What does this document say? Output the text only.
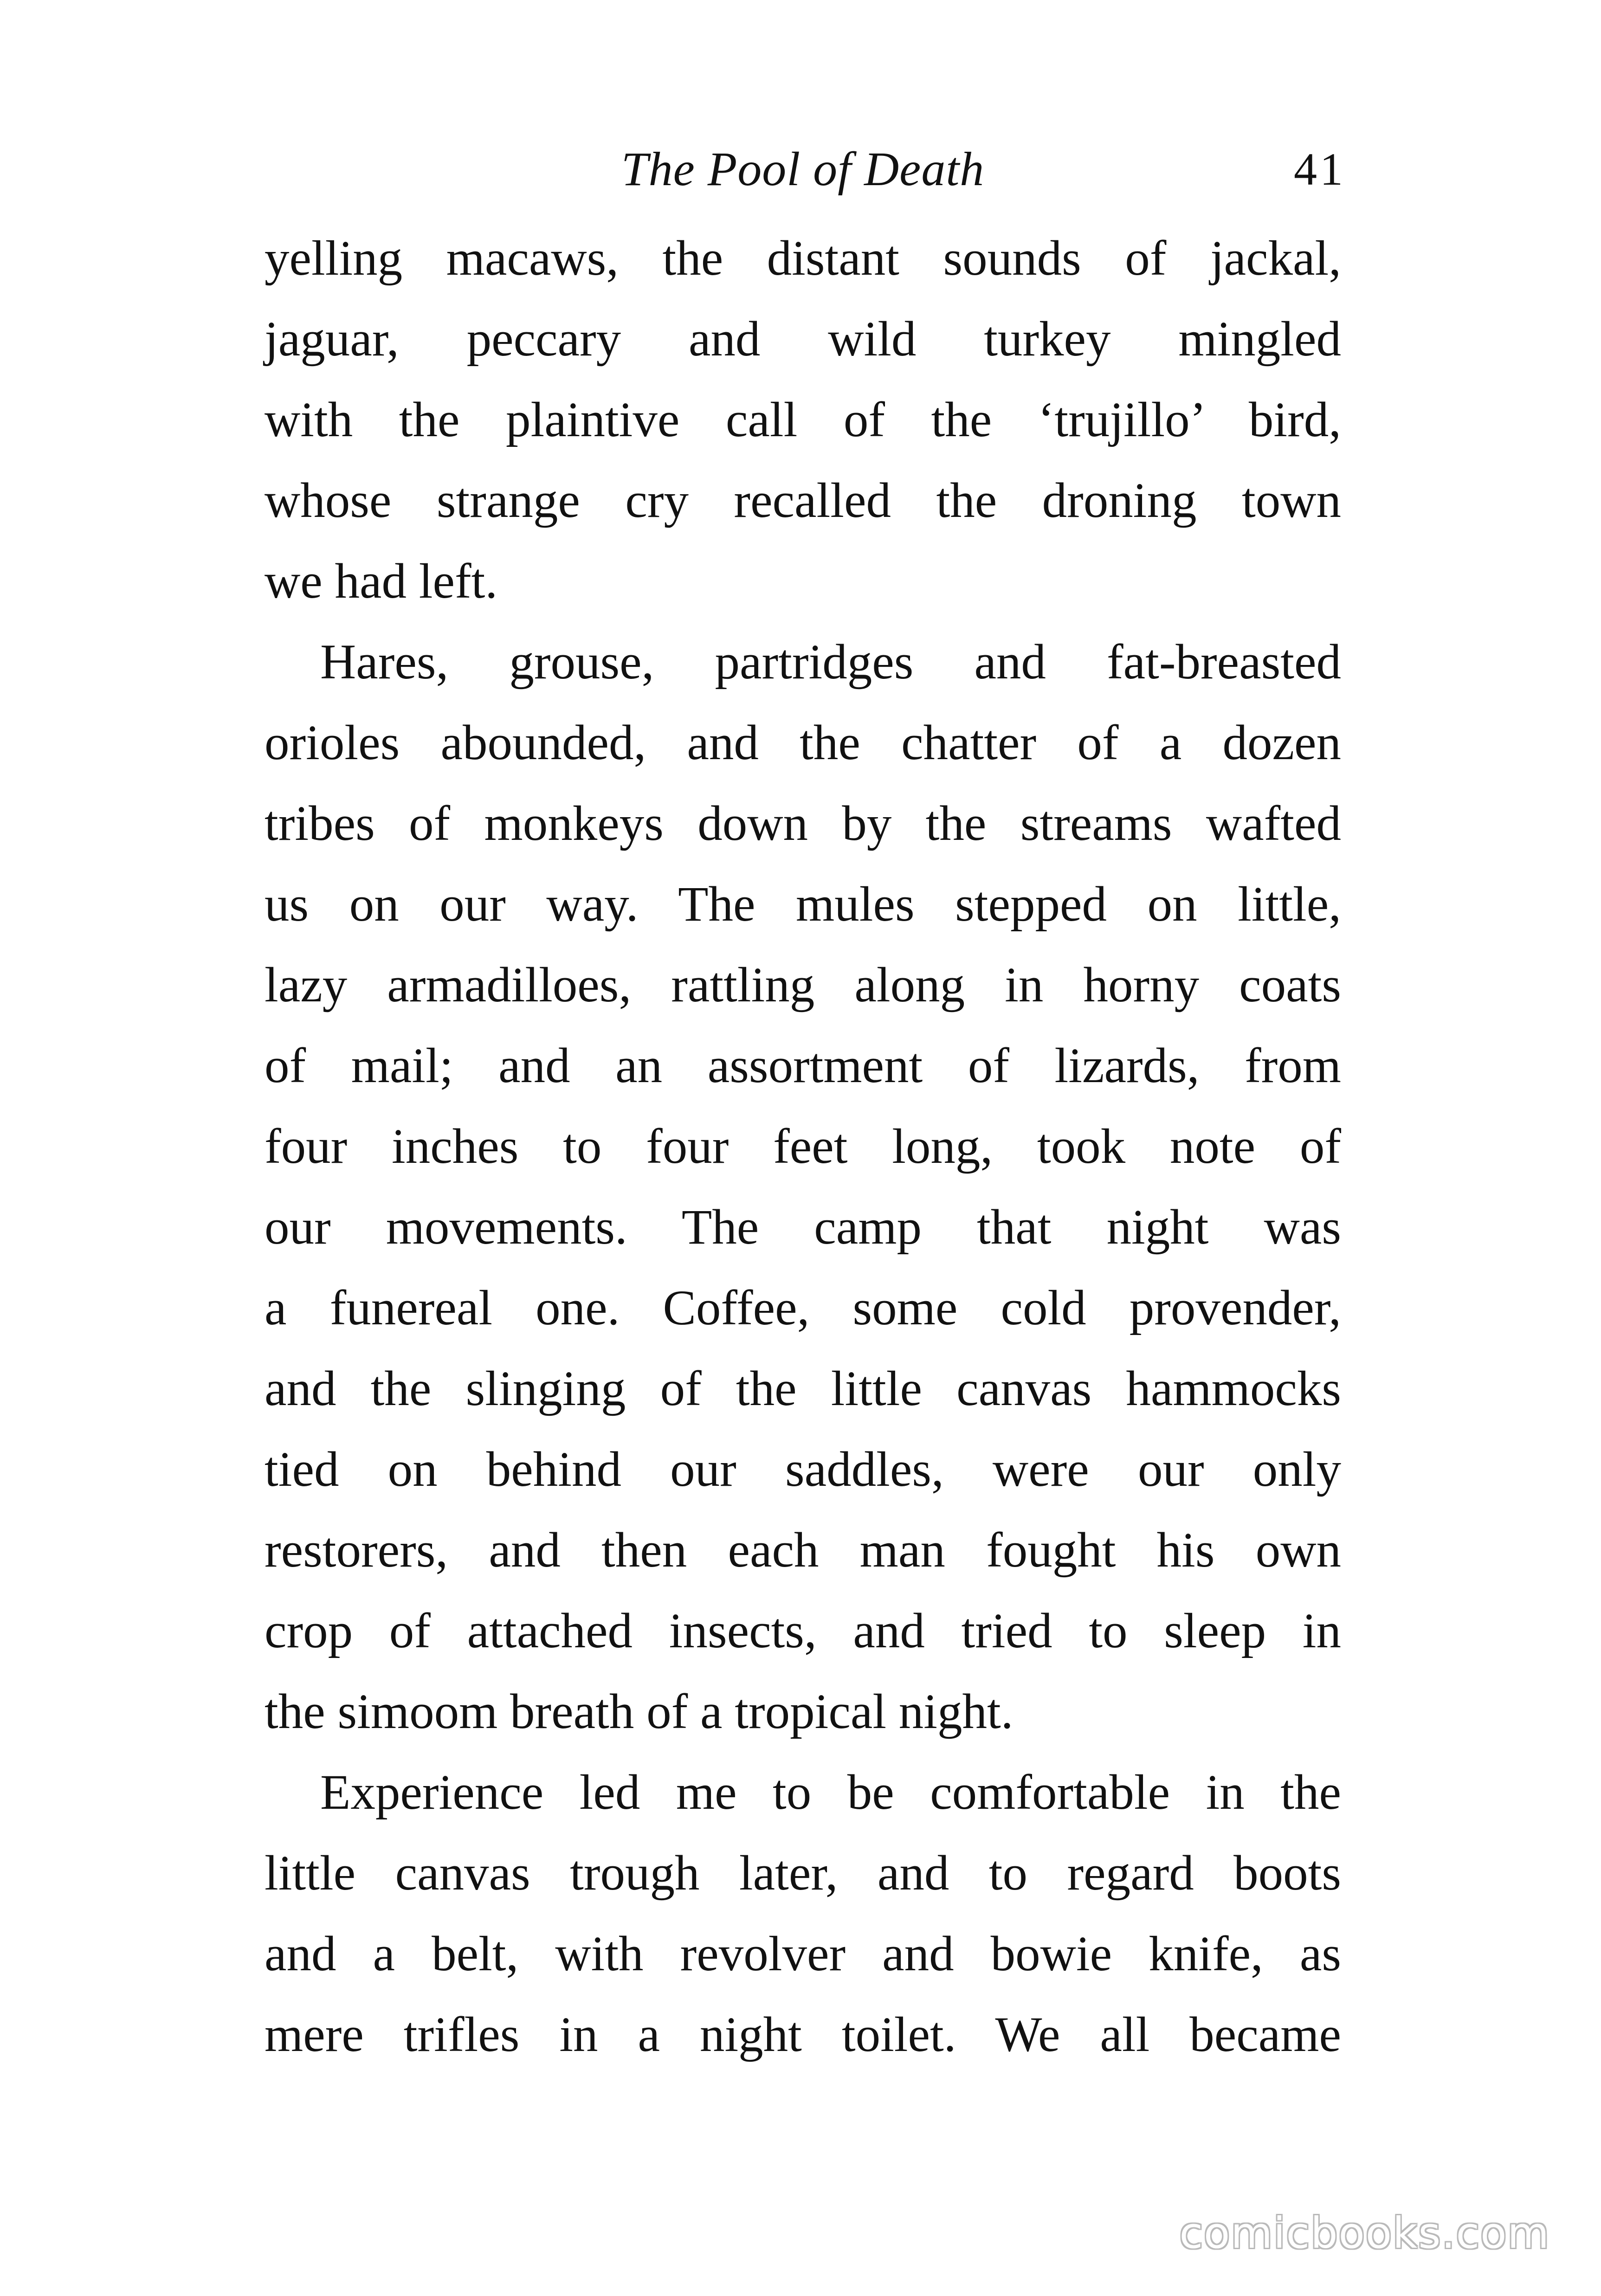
The Pool of Death	41
yelling macaws, the distant sounds of jackal,
jaguar, peccary and wild turkey mingled
with the plaintive call of the ‘trujillo’ bird,
whose strange cry recalled the droning town
we had left.
Hares, grouse, partridges and fat-breasted
orioles abounded, and the chatter of a dozen
tribes of monkeys down by the streams wafted
us on our way. The mules stepped on little,
lazy armadilloes, rattling along in horny coats
of mail; and an assortment of lizards, from
four inches to four feet long, took note of
our movements. The camp that night was
a funereal one. Coffee, some cold provender,
and the slinging of the little canvas hammocks
tied on behind our saddles, were our only
restorers, and then each man fought his own
crop of attached insects, and tried to sleep in
the simoom breath of a tropical night.
Experience led me to be comfortable in the
little canvas trough later, and to regard boots
and a belt, with revolver and bowie knife, as
mere trifles in a night toilet. We all became
comicbooks.com
